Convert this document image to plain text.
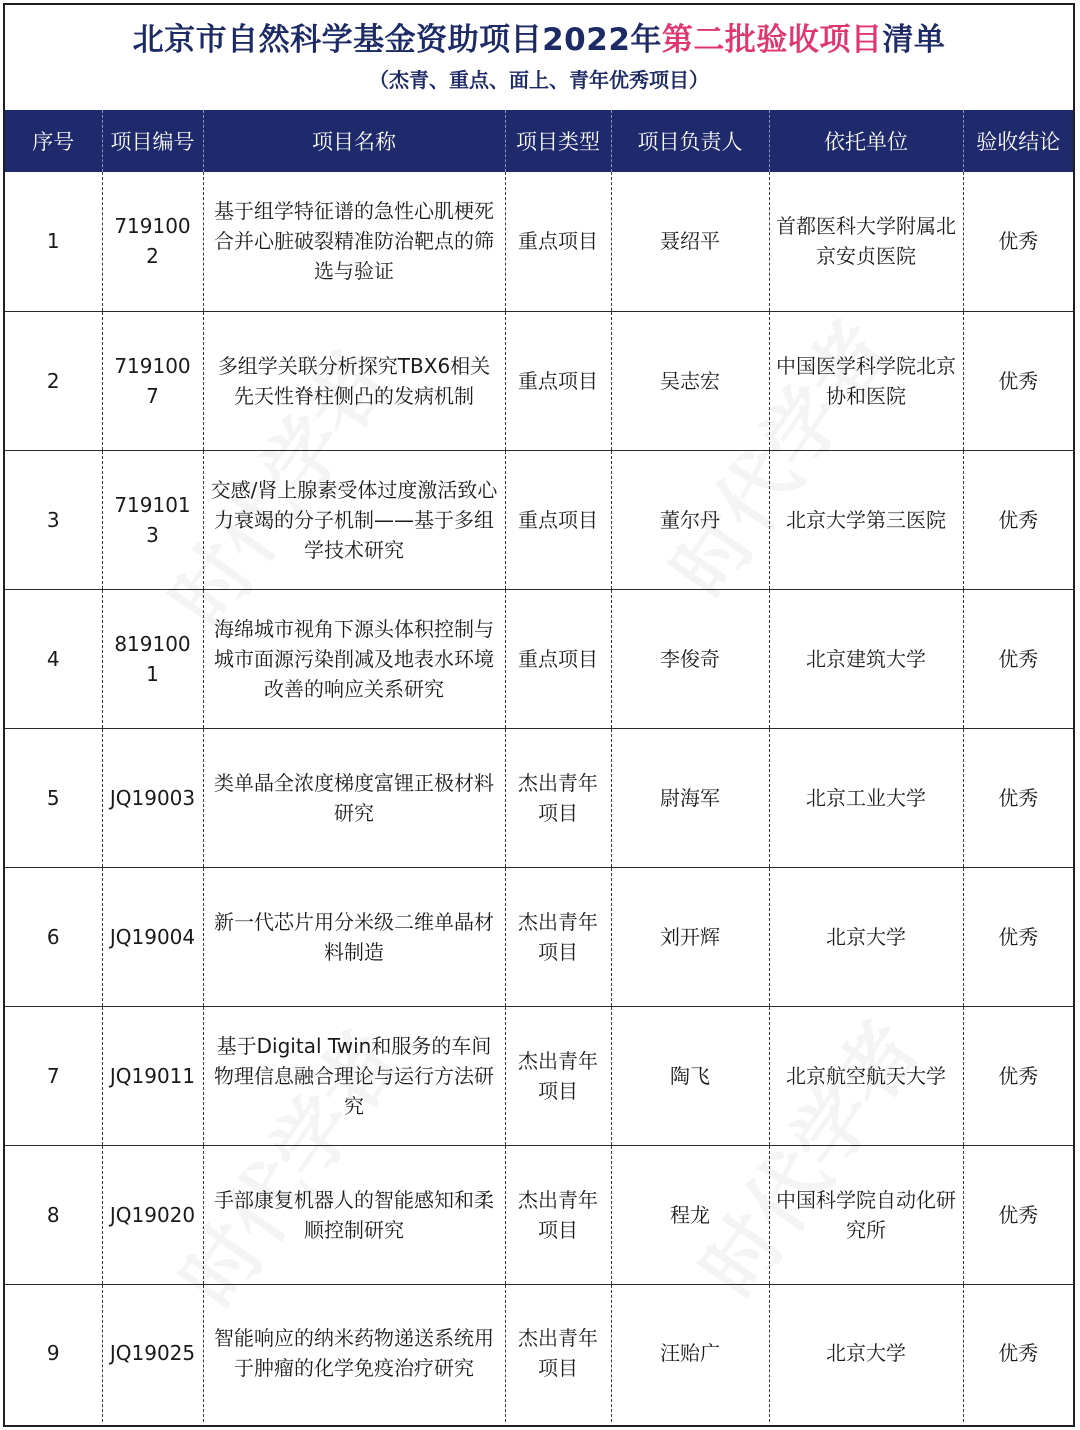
北京市自然科学基金资助项目2022年第二批验收项目清单
（杰青、重点、面上、青年优秀项目）
序号	项目编号	项目名称	项目类型	项目负责人	依托单位	验收结论
1	7191002	基于组学特征谱的急性心肌梗死合并心脏破裂精准防治靶点的筛选与验证	重点项目	聂绍平	首都医科大学附属北京安贞医院	优秀
2	7191007	多组学关联分析探究TBX6相关先天性脊柱侧凸的发病机制	重点项目	吴志宏	中国医学科学院北京协和医院	优秀
3	7191013	交感/肾上腺素受体过度激活致心力衰竭的分子机制——基于多组学技术研究	重点项目	董尔丹	北京大学第三医院	优秀
4	8191001	海绵城市视角下源头体积控制与城市面源污染削减及地表水环境改善的响应关系研究	重点项目	李俊奇	北京建筑大学	优秀
5	JQ19003	类单晶全浓度梯度富锂正极材料研究	杰出青年项目	尉海军	北京工业大学	优秀
6	JQ19004	新一代芯片用分米级二维单晶材料制造	杰出青年项目	刘开辉	北京大学	优秀
7	JQ19011	基于Digital Twin和服务的车间物理信息融合理论与运行方法研究	杰出青年项目	陶飞	北京航空航天大学	优秀
8	JQ19020	手部康复机器人的智能感知和柔顺控制研究	杰出青年项目	程龙	中国科学院自动化研究所	优秀
9	JQ19025	智能响应的纳米药物递送系统用于肿瘤的化学免疫治疗研究	杰出青年项目	汪贻广	北京大学	优秀
